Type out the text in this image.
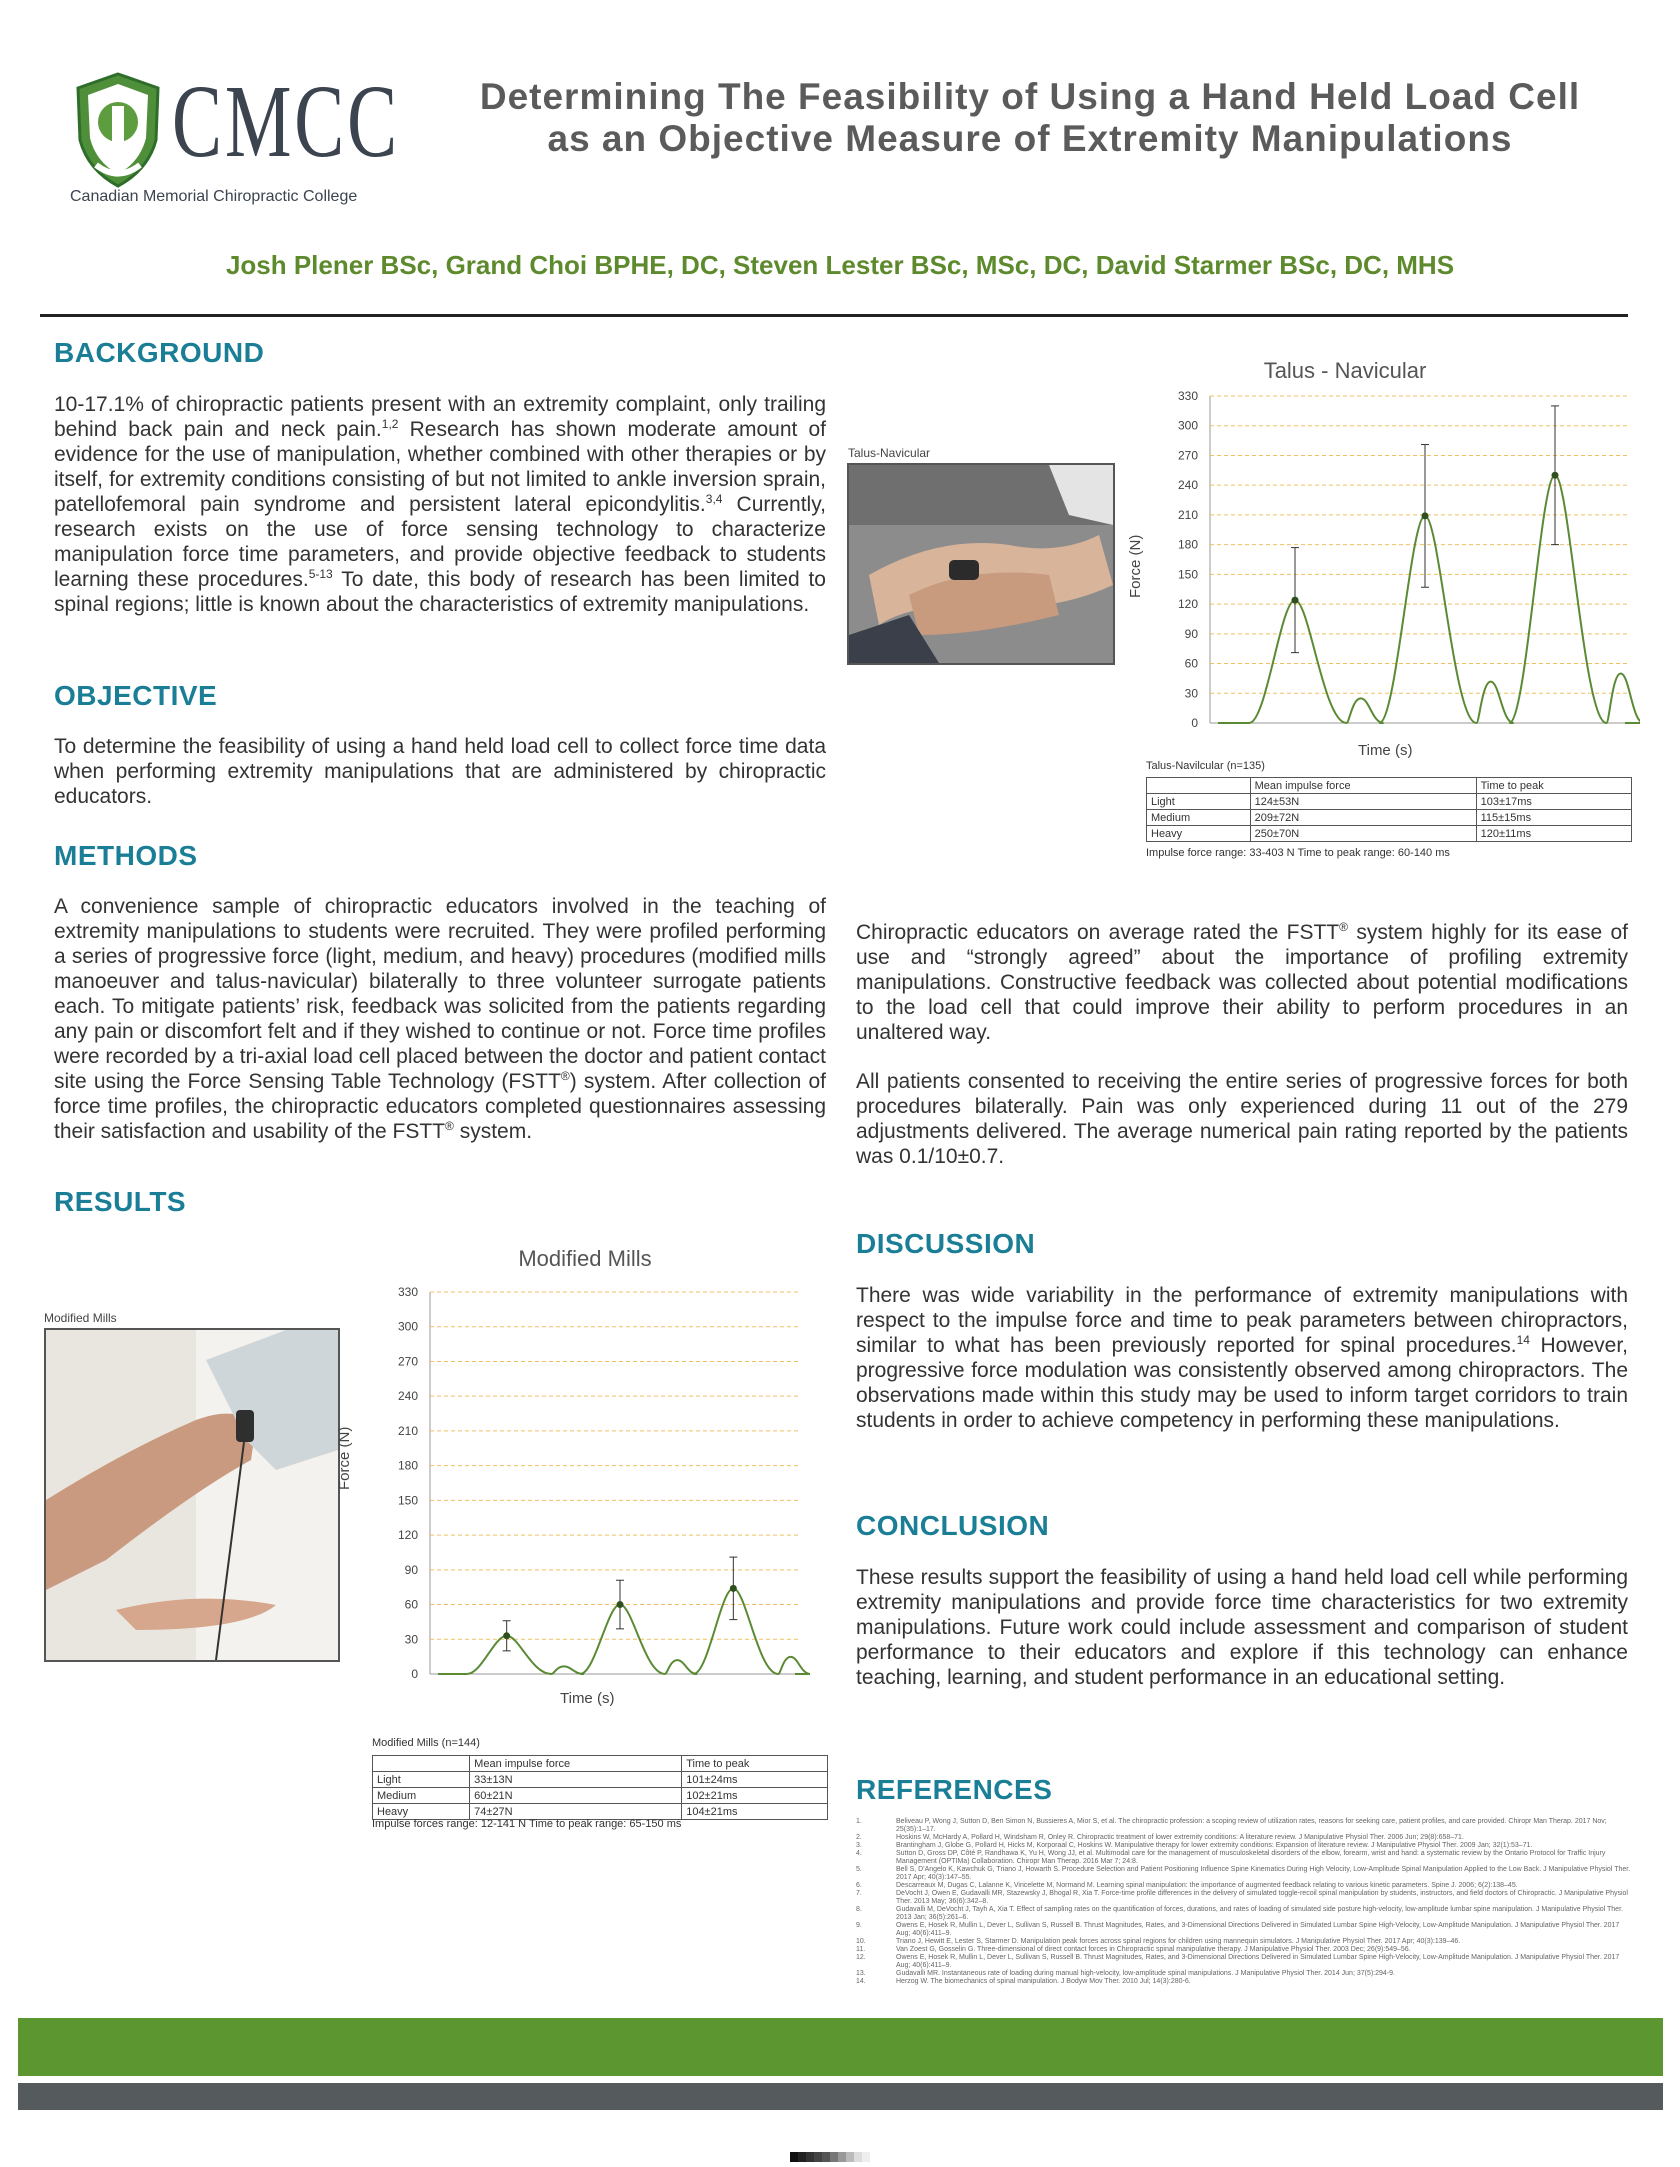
CMCC
Canadian Memorial Chiropractic College
Determining The Feasibility of Using a Hand Held Load Cell
as an Objective Measure of Extremity Manipulations
Josh Plener BSc, Grand Choi BPHE, DC, Steven Lester BSc, MSc, DC, David Starmer BSc, DC, MHS
BACKGROUND
10-17.1% of chiropractic patients present with an extremity complaint, only trailing behind back pain and neck pain.$^{1,2}$ Research has shown moderate amount of evidence for the use of manipulation, whether combined with other therapies or by itself, for extremity conditions consisting of but not limited to ankle inversion sprain, patellofemoral pain syndrome and persistent lateral epicondylitis.$^{3,4}$ Currently, research exists on the use of force sensing technology to characterize manipulation force time parameters, and provide objective feedback to students learning these procedures.$^{5-13}$ To date, this body of research has been limited to spinal regions; little is known about the characteristics of extremity manipulations.
OBJECTIVE
To determine the feasibility of using a hand held load cell to collect force time data when performing extremity manipulations that are administered by chiropractic educators.
METHODS
A convenience sample of chiropractic educators involved in the teaching of extremity manipulations to students were recruited. They were profiled performing a series of progressive force (light, medium, and heavy) procedures (modified mills manoeuver and talus-navicular) bilaterally to three volunteer surrogate patients each. To mitigate patients’ risk, feedback was solicited from the patients regarding any pain or discomfort felt and if they wished to continue or not. Force time profiles were recorded by a tri-axial load cell placed between the doctor and patient contact site using the Force Sensing Table Technology (FSTT®) system. After collection of force time profiles, the chiropractic educators completed questionnaires assessing their satisfaction and usability of the FSTT® system.
RESULTS
Modified Mills
Modified Mills
Force (N)
Time (s)
0
30
60
90
120
150
180
210
240
270
300
330
Modified Mills (n=144)
	Mean impulse force	Time to peak
Light	33±13N	101±24ms
Medium	60±21N	102±21ms
Heavy	74±27N	104±21ms
Impulse forces range: 12-141 N Time to peak range: 65-150 ms
Talus-Navicular
Talus - Navicular
Force (N)
Time (s)
0
30
60
90
120
150
180
210
240
270
300
330
Talus-Navilcular (n=135)
	Mean impulse force	Time to peak
Light	124±53N	103±17ms
Medium	209±72N	115±15ms
Heavy	250±70N	120±11ms
Impulse force range: 33-403 N Time to peak range: 60-140 ms
Chiropractic educators on average rated the FSTT® system highly for its ease of use and “strongly agreed” about the importance of profiling extremity manipulations. Constructive feedback was collected about potential modifications to the load cell that could improve their ability to perform procedures in an unaltered way.
All patients consented to receiving the entire series of progressive forces for both procedures bilaterally. Pain was only experienced during 11 out of the 279 adjustments delivered. The average numerical pain rating reported by the patients was 0.1/10±0.7.
DISCUSSION
There was wide variability in the performance of extremity manipulations with respect to the impulse force and time to peak parameters between chiropractors, similar to what has been previously reported for spinal procedures.$^{14}$ However, progressive force modulation was consistently observed among chiropractors. The observations made within this study may be used to inform target corridors to train students in order to achieve competency in performing these manipulations.
CONCLUSION
These results support the feasibility of using a hand held load cell while performing extremity manipulations and provide force time characteristics for two extremity manipulations. Future work could include assessment and comparison of student performance to their educators and explore if this technology can enhance teaching, learning, and student performance in an educational setting.
REFERENCES
1.	Beliveau P, Wong J, Sutton D, Ben Simon N, Bussieres A, Mior S, et al. The chiropractic profession: a scoping review of utilization rates, reasons for seeking care, patient profiles, and care provided. Chiropr Man Therap. 2017 Nov; 25(35):1–17.
2.	Hoskins W, McHardy A, Pollard H, Windsham R, Onley R. Chiropractic treatment of lower extremity conditions: A literature review. J Manipulative Physiol Ther. 2006 Jun; 29(8):658–71.
3.	Brantingham J, Globe G, Pollard H, Hicks M, Korporaal C, Hoskins W. Manipulative therapy for lower extremity conditions: Expansion of literature review. J Manipulative Physiol Ther. 2009 Jan; 32(1):53–71.
4.	Sutton D, Gross DP, Côté P, Randhawa K, Yu H, Wong JJ, et al. Multimodal care for the management of musculoskeletal disorders of the elbow, forearm, wrist and hand: a systematic review by the Ontario Protocol for Traffic Injury Management (OPTIMa) Collaboration. Chiropr Man Therap. 2016 Mar 7; 24:8.
5.	Bell S, D'Angelo K, Kawchuk G, Triano J, Howarth S. Procedure Selection and Patient Positioning Influence Spine Kinematics During High Velocity, Low-Amplitude Spinal Manipulation Applied to the Low Back. J Manipulative Physiol Ther. 2017 Apr; 40(3):147–55.
6.	Descarreaux M, Dugas C, Lalanne K, Vincelette M, Normand M. Learning spinal manipulation: the importance of augmented feedback relating to various kinetic parameters. Spine J. 2006; 6(2):138–45.
7.	DeVocht J, Owen E, Gudavalli MR, Stazewsky J, Bhogal R, Xia T. Force-time profile differences in the delivery of simulated toggle-recoil spinal manipulation by students, instructors, and field doctors of Chiropractic. J Manipulative Physiol Ther. 2013 May; 36(6):342–8.
8.	Gudavalli M, DeVocht J, Tayh A, Xia T. Effect of sampling rates on the quantification of forces, durations, and rates of loading of simulated side posture high-velocity, low-amplitude lumbar spine manipulation. J Manipulative Physiol Ther. 2013 Jan; 36(5):261–6.
9.	Owens E, Hosek R, Mullin L, Dever L, Sullivan S, Russell B. Thrust Magnitudes, Rates, and 3-Dimensional Directions Delivered in Simulated Lumbar Spine High-Velocity, Low-Amplitude Manipulation. J Manipulative Physiol Ther. 2017 Aug; 40(6):411–9.
10.	Triano J, Hewitt E, Lester S, Starmer D. Manipulation peak forces across spinal regions for children using mannequin simulators. J Manipulative Physiol Ther. 2017 Apr; 40(3):139–46.
11.	Van Zoest G, Gosselin G. Three-dimensional of direct contact forces in Chiropractic spinal manipulative therapy. J Manipulative Physiol Ther. 2003 Dec; 26(9):549–56.
12.	Owens E, Hosek R, Mullin L, Dever L, Sullivan S, Russell B. Thrust Magnitudes, Rates, and 3-Dimensional Directions Delivered in Simulated Lumbar Spine High-Velocity, Low-Amplitude Manipulation. J Manipulative Physiol Ther. 2017 Aug; 40(6):411–9.
13.	Gudavalli MR. Instantaneous rate of loading during manual high-velocity, low-amplitude spinal manipulations. J Manipulative Physiol Ther. 2014 Jun; 37(5):294-9.
14.	Herzog W. The biomechanics of spinal manipulation. J Bodyw Mov Ther. 2010 Jul; 14(3):280-6.
